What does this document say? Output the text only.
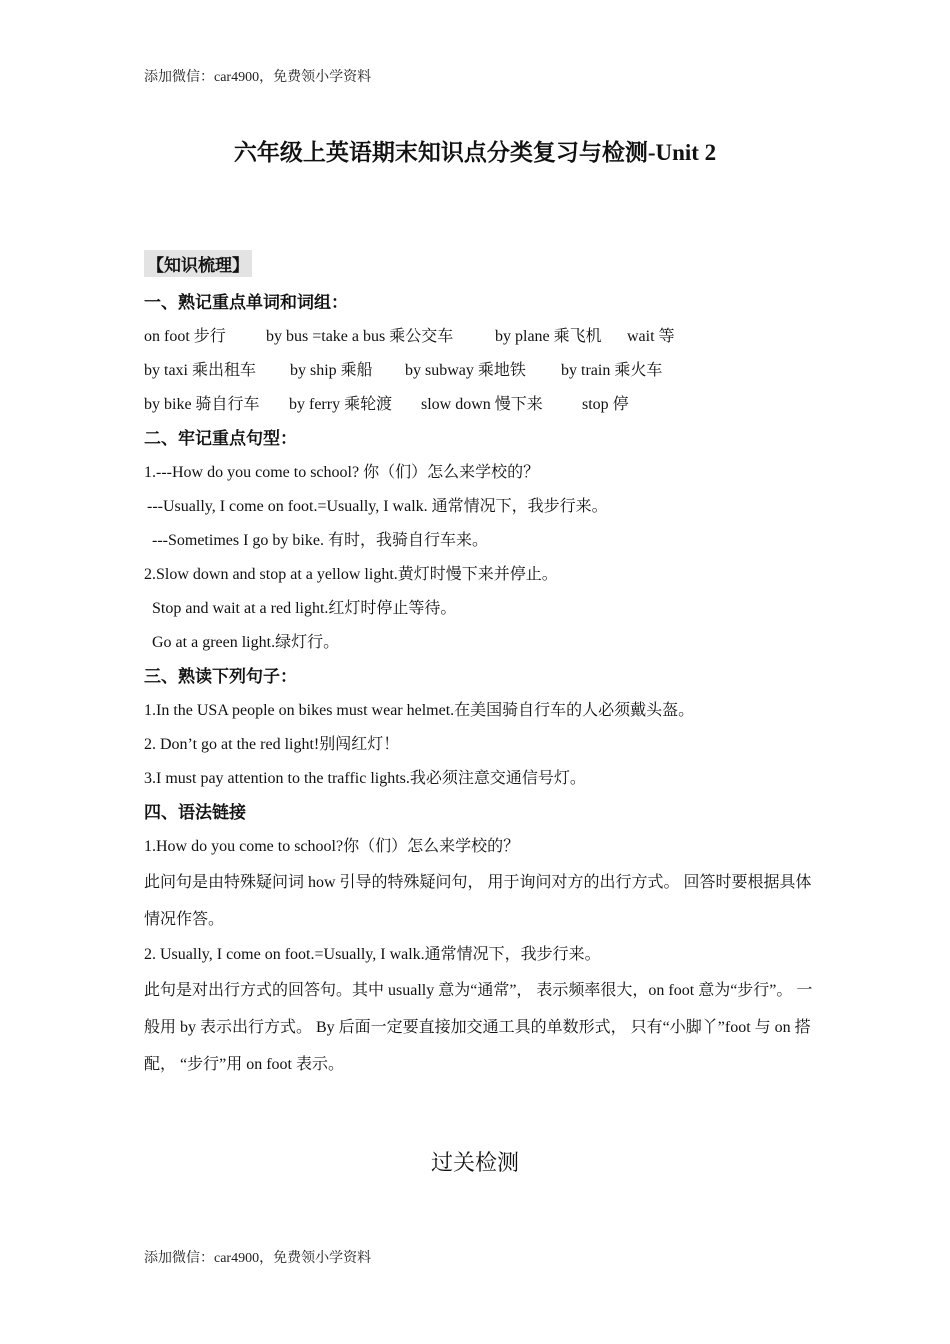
添加微信：car4900，免费领小学资料
六年级上英语期末知识点分类复习与检测-Unit 2
【知识梳理】
一、熟记重点单词和词组：
on foot 步行	by bus =take a bus 乘公交车	by plane 乘飞机 wait 等
by taxi 乘出租车 by ship 乘船 by subway 乘地铁 by train 乘火车
by bike 骑自行车 by ferry 乘轮渡 slow down 慢下来 stop 停
二、牢记重点句型：
1.---How do you come to school? 你（们）怎么来学校的？
---Usually, I come on foot.=Usually, I walk. 通常情况下，我步行来。
---Sometimes I go by bike. 有时，我骑自行车来。
2.Slow down and stop at a yellow light.黄灯时慢下来并停止。
Stop and wait at a red light.红灯时停止等待。
Go at a green light.绿灯行。
三、熟读下列句子：
1.In the USA people on bikes must wear helmet.在美国骑自行车的人必须戴头盔。
2. Don’t go at the red light!别闯红灯！
3.I must pay attention to the traffic lights.我必须注意交通信号灯。
四、语法链接
1.How do you come to school?你（们）怎么来学校的？
此问句是由特殊疑问词 how 引导的特殊疑问句， 用于询问对方的出行方式。 回答时要根据具体情况作答。
2. Usually, I come on foot.=Usually, I walk.通常情况下，我步行来。
此句是对出行方式的回答句。其中 usually 意为“通常”， 表示频率很大，on foot 意为“步行”。 一般用 by 表示出行方式。 By 后面一定要直接加交通工具的单数形式， 只有“小脚丫”foot 与 on 搭配， “步行”用 on foot 表示。
过关检测
添加微信：car4900，免费领小学资料
